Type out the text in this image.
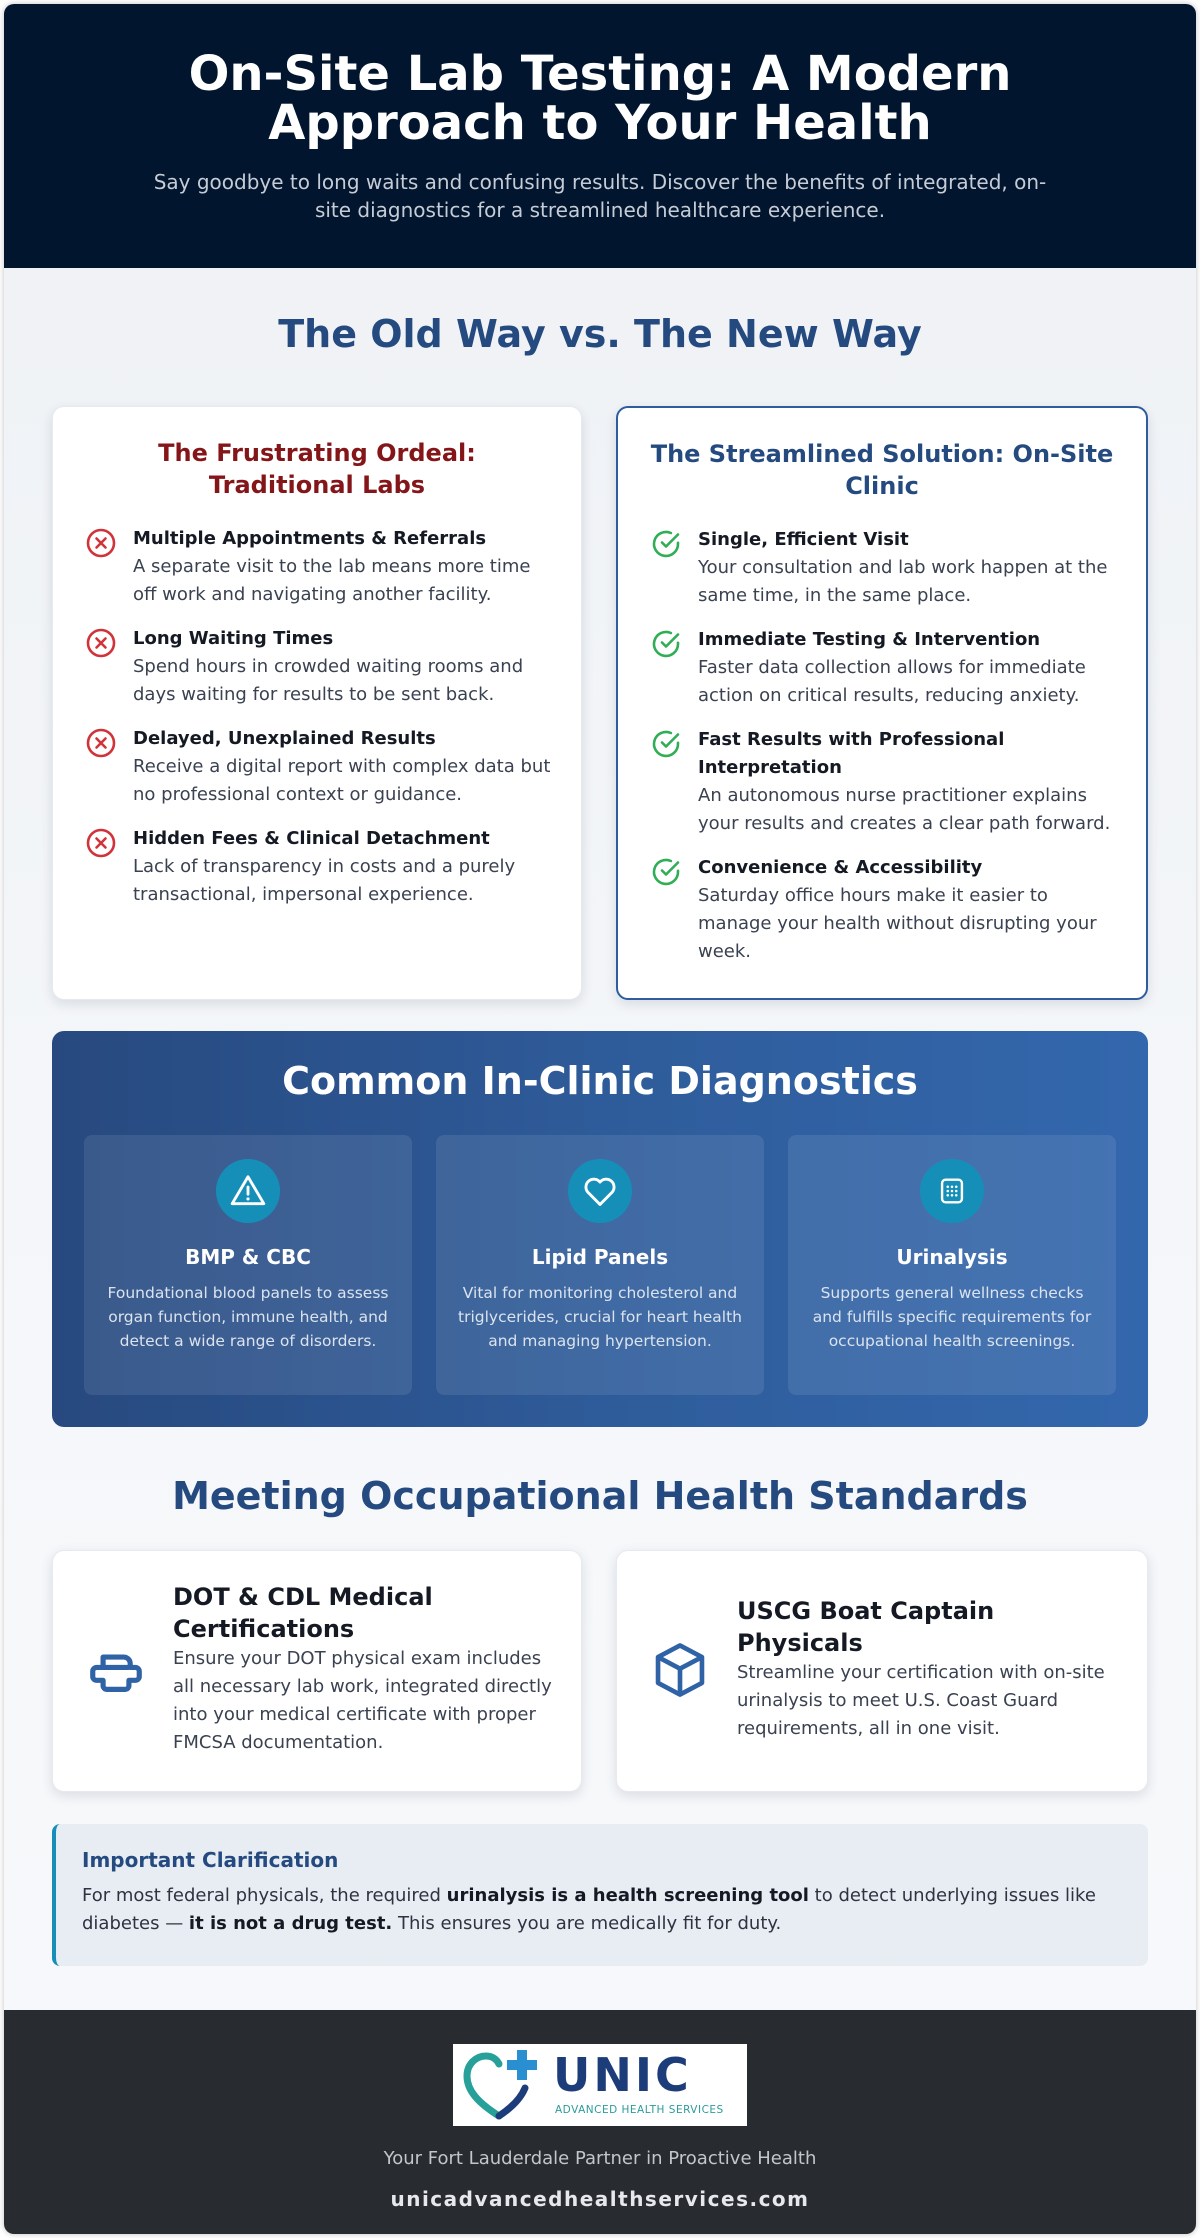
On-Site Lab Testing: A Modern Approach to Your Health

Say goodbye to long waits and confusing results. Discover the benefits of integrated, on-site diagnostics for a streamlined healthcare experience.

The Old Way vs. The New Way
The Frustrating Ordeal: Traditional Labs
Multiple Appointments & Referrals
A separate visit to the lab means more time off work and navigating another facility.
Long Waiting Times
Spend hours in crowded waiting rooms and days waiting for results to be sent back.
Delayed, Unexplained Results
Receive a digital report with complex data but no professional context or guidance.
Hidden Fees & Clinical Detachment
Lack of transparency in costs and a purely transactional, impersonal experience.
The Streamlined Solution: On-Site Clinic
Single, Efficient Visit
Your consultation and lab work happen at the same time, in the same place.
Immediate Testing & Intervention
Faster data collection allows for immediate action on critical results, reducing anxiety.
Fast Results with Professional Interpretation
An autonomous nurse practitioner explains your results and creates a clear path forward.
Convenience & Accessibility
Saturday office hours make it easier to manage your health without disrupting your week.
Common In-Clinic Diagnostics
BMP & CBC
Foundational blood panels to assess organ function, immune health, and detect a wide range of disorders.
Lipid Panels
Vital for monitoring cholesterol and triglycerides, crucial for heart health and managing hypertension.
Urinalysis
Supports general wellness checks and fulfills specific requirements for occupational health screenings.
Meeting Occupational Health Standards
DOT & CDL Medical Certifications
Ensure your DOT physical exam includes all necessary lab work, integrated directly into your medical certificate with proper FMCSA documentation.
USCG Boat Captain Physicals
Streamline your certification with on-site urinalysis to meet U.S. Coast Guard requirements, all in one visit.
Important Clarification
For most federal physicals, the required urinalysis is a health screening tool to detect underlying issues like diabetes — it is not a drug test. This ensures you are medically fit for duty.
UNIC
ADVANCED HEALTH SERVICES
Your Fort Lauderdale Partner in Proactive Health
unicadvancedhealthservices.com
